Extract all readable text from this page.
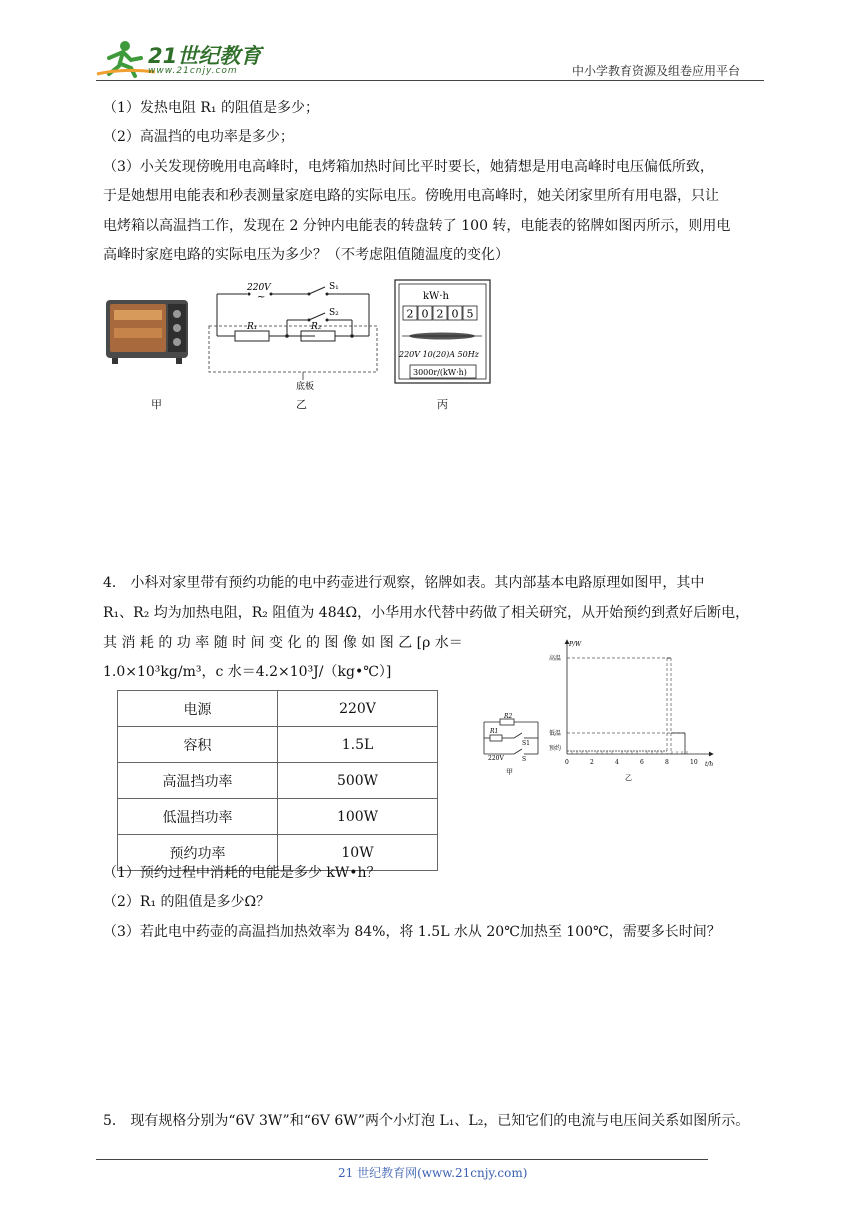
21世纪教育
www.21cnjy.com	中小学教育资源及组卷应用平台
（1）发热电阻 R₁ 的阻值是多少；
（2）高温挡的电功率是多少；
（3）小关发现傍晚用电高峰时，电烤箱加热时间比平时要长，她猜想是用电高峰时电压偏低所致，
于是她想用电能表和秒表测量家庭电路的实际电压。傍晚用电高峰时，她关闭家里所有用电器，只让
电烤箱以高温挡工作，发现在 2 分钟内电能表的转盘转了 100 转，电能表的铭牌如图丙所示，则用电
高峰时家庭电路的实际电压为多少？（不考虑阻值随温度的变化）
220V
~
S₁
S₂
R₁	R₂
底板
kW·h
2 0 2 0 5
220V 10(20)A 50Hz
3000r/(kW·h)
甲	乙	丙
4． 小科对家里带有预约功能的电中药壶进行观察，铭牌如表。其内部基本电路原理如图甲，其中
R₁、R₂ 均为加热电阻，R₂ 阻值为 484Ω，小华用水代替中药做了相关研究，从开始预约到煮好后断电，
其 消 耗 的 功 率 随 时 间 变 化 的 图 像 如 图 乙 [ρ 水＝
1.0×10³kg/m³，c 水＝4.2×10³J/（kg•℃）]
电源	220V
容积	1.5L
高温挡功率	500W
低温挡功率	100W
预约功率	10W
R2
R1
S1
S
220V
甲
P/W
t/h
高温
低温
预约
0	2	4	6	8	10
乙
（1）预约过程中消耗的电能是多少 kW•h？
（2）R₁ 的阻值是多少Ω？
（3）若此电中药壶的高温挡加热效率为 84%，将 1.5L 水从 20℃加热至 100℃，需要多长时间？
5． 现有规格分别为“6V 3W”和“6V 6W”两个小灯泡 L₁、L₂，已知它们的电流与电压间关系如图所示。
21 世纪教育网(www.21cnjy.com)
